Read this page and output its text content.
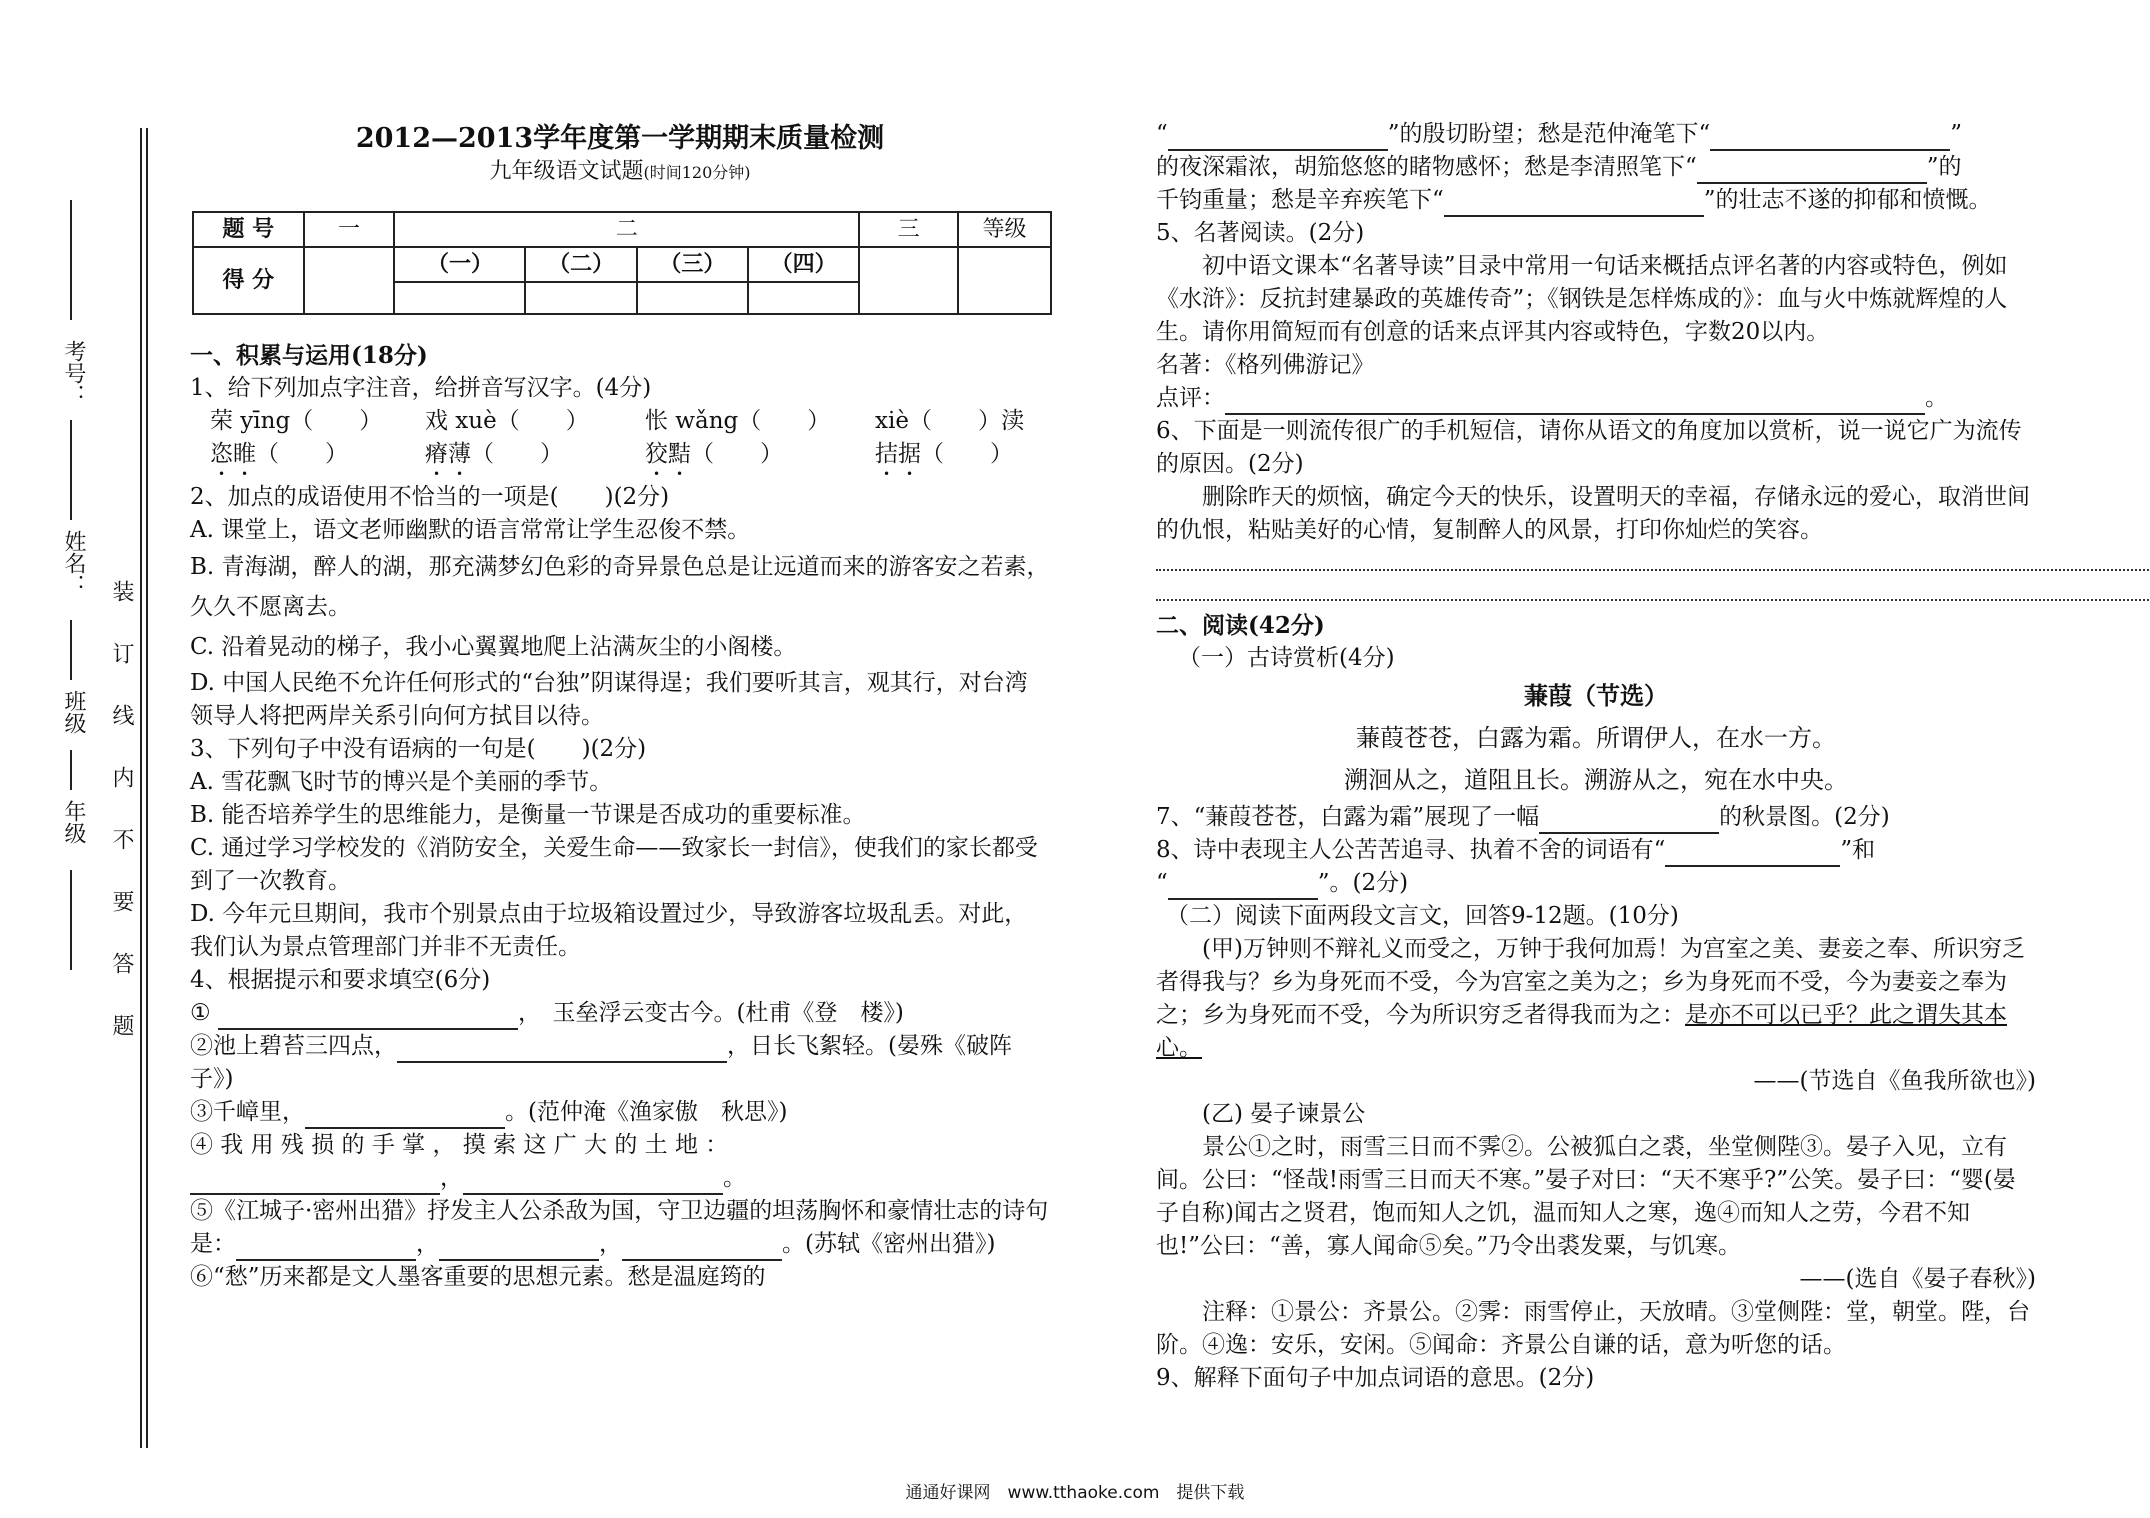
考号：
姓名：
班级
年级 装订线内不要答题
2012—2013学年度第一学期期末质量检测
九年级语文试题(时间120分钟)
题 号	一	二				三	等级
得 分		（一）	（二）	（三）	（四）		

一、积累与运用(18分)

1、给下列加点字注音，给拼音写汉字。(4分)

荣 yīng（　　）	戏 xuè（　　）	怅 wǎng（　　）	xiè（　　）渎
恣睢（　　）	瘠薄（　　）	狡黠（　　）	拮据（　　）

2、加点的成语使用不恰当的一项是(　　)(2分)

A. 课堂上，语文老师幽默的语言常常让学生忍俊不禁。

B. 青海湖，醉人的湖，那充满梦幻色彩的奇异景色总是让远道而来的游客安之若素，久久不愿离去。

C. 沿着晃动的梯子，我小心翼翼地爬上沾满灰尘的小阁楼。

D. 中国人民绝不允许任何形式的“台独”阴谋得逞；我们要听其言，观其行，对台湾领导人将把两岸关系引向何方拭目以待。

3、下列句子中没有语病的一句是(　　)(2分)

A. 雪花飘飞时节的博兴是个美丽的季节。

B. 能否培养学生的思维能力，是衡量一节课是否成功的重要标准。

C. 通过学习学校发的《消防安全，关爱生命——致家长一封信》，使我们的家长都受到了一次教育。

D. 今年元旦期间，我市个别景点由于垃圾箱设置过少，导致游客垃圾乱丢。对此，我们认为景点管理部门并非不无责任。

4、根据提示和要求填空(6分)

①	，　玉垒浮云变古今。(杜甫《登　楼》)

②池上碧苔三四点，	，日长飞絮轻。(晏殊《破阵子》)

③千嶂里，	。(范仲淹《渔家傲　秋思》)

④ 我 用 残 损 的 手 掌 ， 摸 索 这 广 大 的 土 地 ：

，	。

⑤《江城子·密州出猎》抒发主人公杀敌为国，守卫边疆的坦荡胸怀和豪情壮志的诗句是：	，	，	。(苏轼《密州出猎》)

⑥“愁”历来都是文人墨客重要的思想元素。愁是温庭筠的

“	”的殷切盼望；愁是范仲淹笔下“	”

的夜深霜浓，胡笳悠悠的睹物感怀；愁是李清照笔下“	”的

千钧重量；愁是辛弃疾笔下“	”的壮志不遂的抑郁和愤慨。

5、名著阅读。(2分)

初中语文课本“名著导读”目录中常用一句话来概括点评名著的内容或特色，例如《水浒》：反抗封建暴政的英雄传奇”；《钢铁是怎样炼成的》：血与火中炼就辉煌的人生。请你用简短而有创意的话来点评其内容或特色，字数20以内。

名著：《格列佛游记》

点评：	。

6、下面是一则流传很广的手机短信，请你从语文的角度加以赏析，说一说它广为流传的原因。(2分)

删除昨天的烦恼，确定今天的快乐，设置明天的幸福，存储永远的爱心，取消世间的仇恨，粘贴美好的心情，复制醉人的风景，打印你灿烂的笑容。

二、阅读(42分)

（一）古诗赏析(4分)

蒹葭（节选）
蒹葭苍苍，白露为霜。所谓伊人，在水一方。
溯洄从之，道阻且长。溯游从之，宛在水中央。

7、“蒹葭苍苍，白露为霜”展现了一幅	的秋景图。(2分)

8、诗中表现主人公苦苦追寻、执着不舍的词语有“	”和

“	”。(2分)

（二）阅读下面两段文言文，回答9-12题。(10分)

(甲)万钟则不辩礼义而受之，万钟于我何加焉！为宫室之美、妻妾之奉、所识穷乏者得我与？乡为身死而不受，今为宫室之美为之；乡为身死而不受，今为妻妾之奉为之；乡为身死而不受，今为所识穷乏者得我而为之：是亦不可以已乎？此之谓失其本心。

——(节选自《鱼我所欲也》)

(乙) 晏子谏景公

景公①之时，雨雪三日而不霁②。公被狐白之裘，坐堂侧陛③。晏子入见，立有间。公曰：“怪哉!雨雪三日而天不寒。”晏子对曰：“天不寒乎?”公笑。晏子曰：“婴(晏子自称)闻古之贤君，饱而知人之饥，温而知人之寒，逸④而知人之劳，今君不知也!”公曰：“善，寡人闻命⑤矣。”乃令出裘发粟，与饥寒。

——(选自《晏子春秋》)

注释：①景公：齐景公。②霁：雨雪停止，天放晴。③堂侧陛：堂，朝堂。陛，台阶。④逸：安乐，安闲。⑤闻命：齐景公自谦的话，意为听您的话。

9、解释下面句子中加点词语的意思。(2分)

通通好课网　www.tthaoke.com　提供下载
